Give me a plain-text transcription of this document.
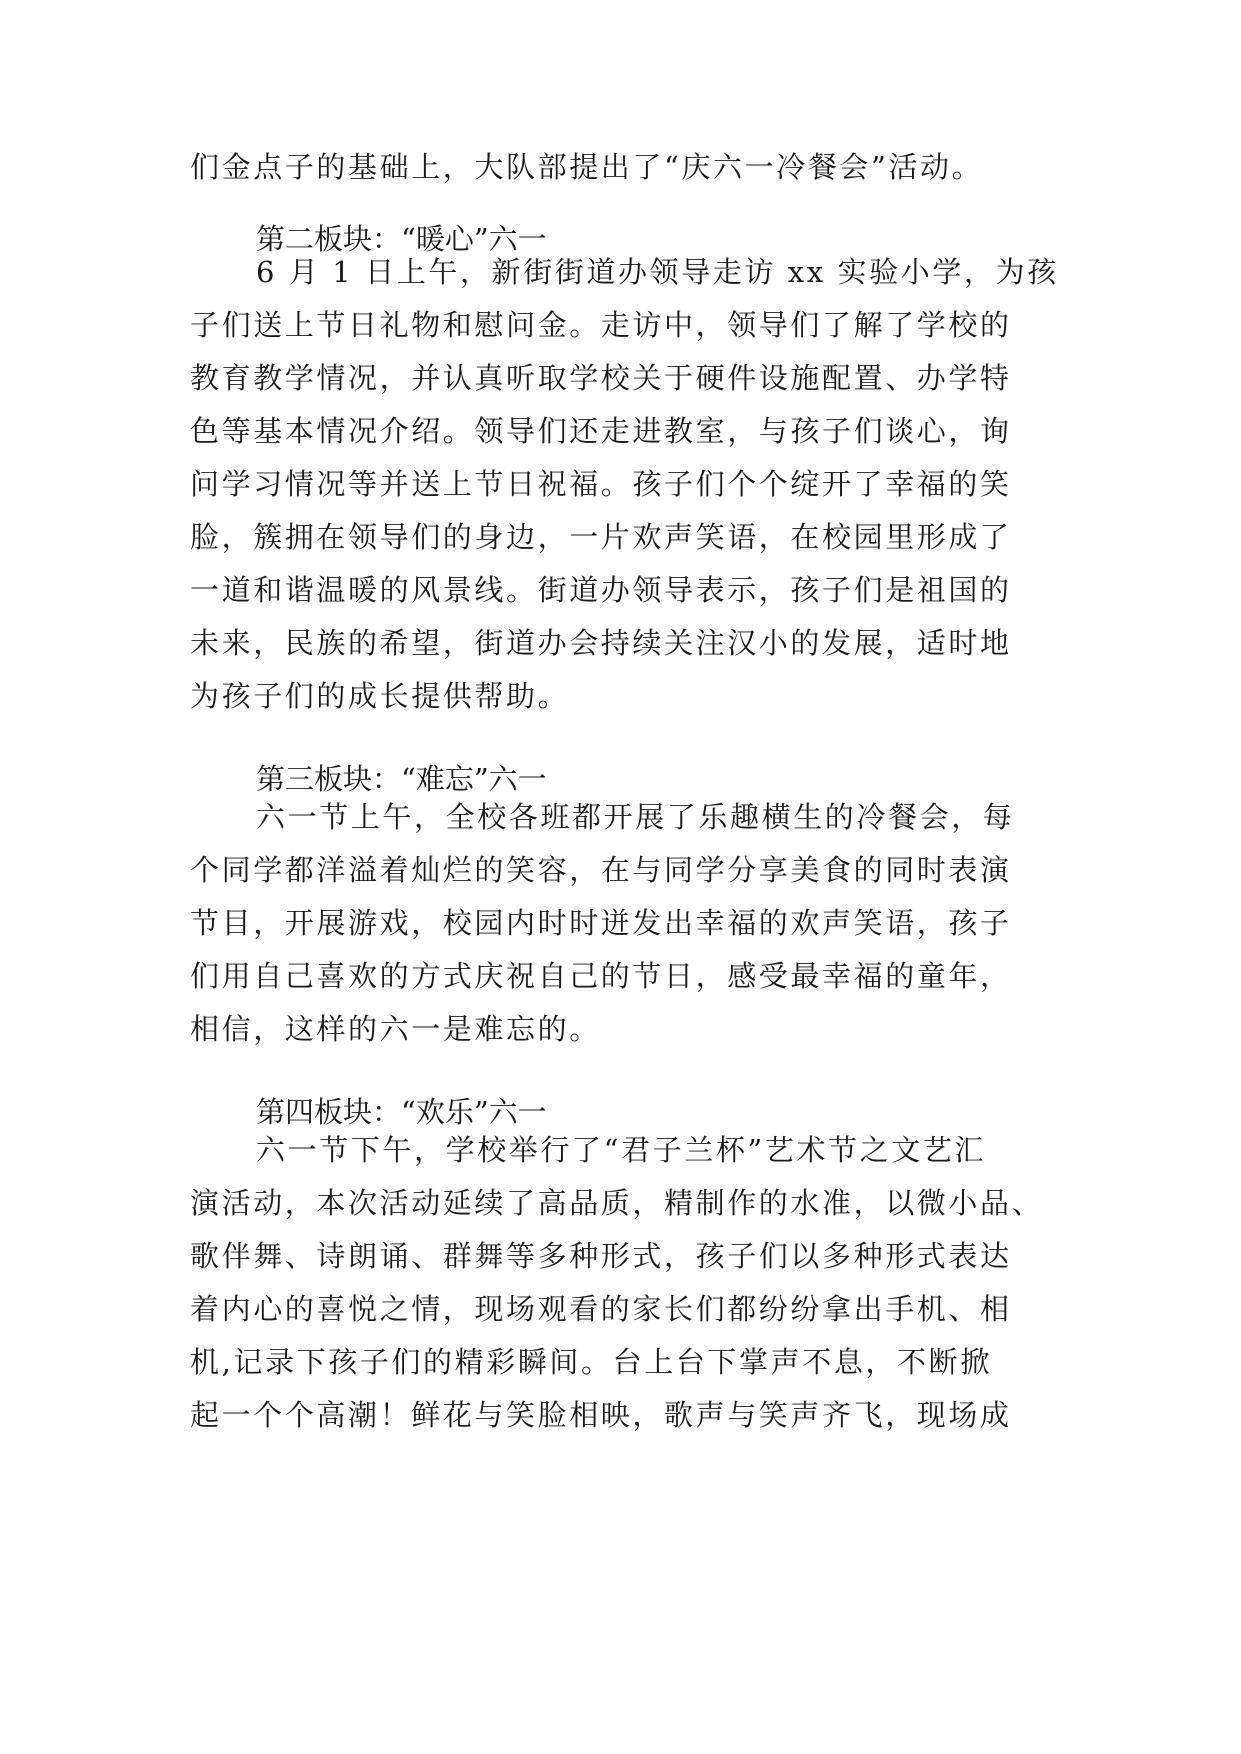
们金点子的基础上，大队部提出了“庆六一冷餐会”活动。
第二板块：“暖心”六一
6 月 1 日上午，新街街道办领导走访 xx 实验小学，为孩
子们送上节日礼物和慰问金。走访中，领导们了解了学校的
教育教学情况，并认真听取学校关于硬件设施配置、办学特
色等基本情况介绍。领导们还走进教室，与孩子们谈心，询
问学习情况等并送上节日祝福。孩子们个个绽开了幸福的笑
脸，簇拥在领导们的身边，一片欢声笑语，在校园里形成了
一道和谐温暖的风景线。街道办领导表示，孩子们是祖国的
未来，民族的希望，街道办会持续关注汉小的发展，适时地
为孩子们的成长提供帮助。
第三板块：“难忘”六一
六一节上午，全校各班都开展了乐趣横生的冷餐会，每
个同学都洋溢着灿烂的笑容，在与同学分享美食的同时表演
节目，开展游戏，校园内时时迸发出幸福的欢声笑语，孩子
们用自己喜欢的方式庆祝自己的节日，感受最幸福的童年，
相信，这样的六一是难忘的。
第四板块：“欢乐”六一
六一节下午，学校举行了“君子兰杯”艺术节之文艺汇
演活动，本次活动延续了高品质，精制作的水准，以微小品、
歌伴舞、诗朗诵、群舞等多种形式，孩子们以多种形式表达
着内心的喜悦之情，现场观看的家长们都纷纷拿出手机、相
机,记录下孩子们的精彩瞬间。台上台下掌声不息，不断掀
起一个个高潮！鲜花与笑脸相映，歌声与笑声齐飞，现场成
